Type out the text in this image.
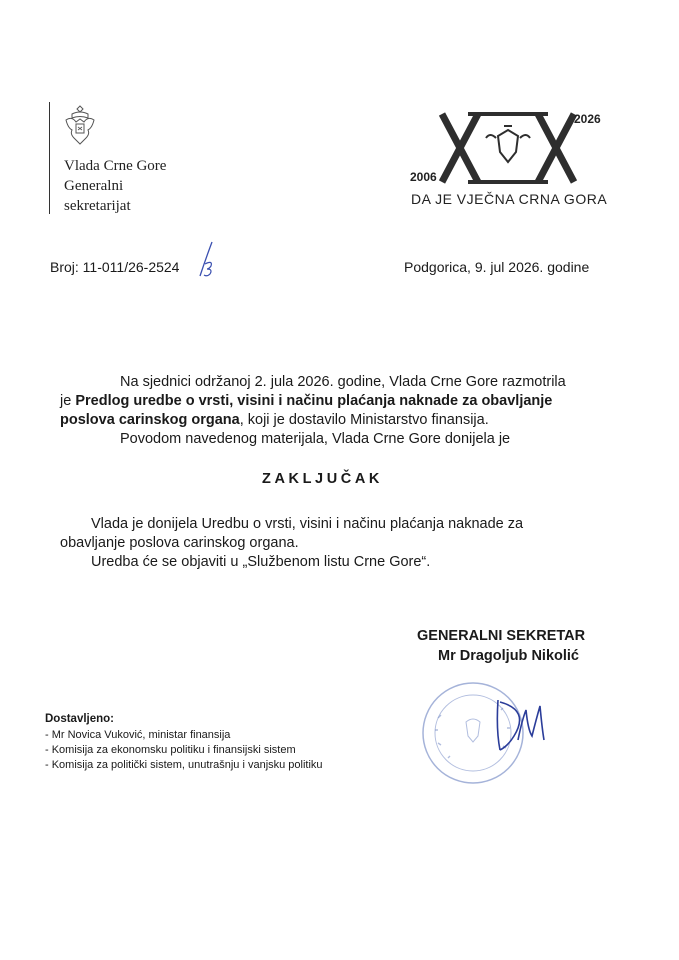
Vlada Crne Gore
Generalni
sekretarijat
2006
2026
DA JE VJEČNA CRNA GORA
Broj: 11-011/26-2524	Podgorica, 9. jul 2026. godine
Na sjednici održanoj 2. jula 2026. godine, Vlada Crne Gore razmotrila
je Predlog uredbe o vrsti, visini i načinu plaćanja naknade za obavljanje
poslova carinskog organa, koji je dostavilo Ministarstvo finansija.
Povodom navedenog materijala, Vlada Crne Gore donijela je
ZAKLJUČAK
Vlada je donijela Uredbu o vrsti, visini i načinu plaćanja naknade za
obavljanje poslova carinskog organa.
Uredba će se objaviti u „Službenom listu Crne Gore“.
GENERALNI SEKRETAR
Mr Dragoljub Nikolić
Dostavljeno:
- Mr Novica Vuković, ministar finansija
- Komisija za ekonomsku politiku i finansijski sistem
- Komisija za politički sistem, unutrašnju i vanjsku politiku
